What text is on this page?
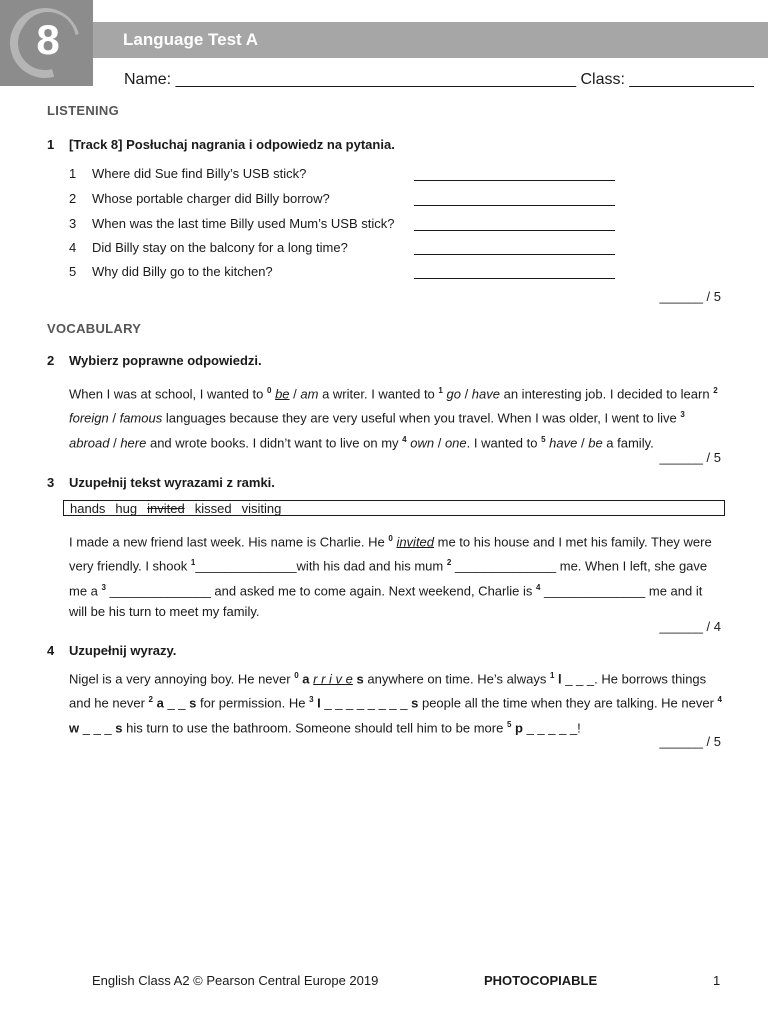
8	Language Test A
Name: _____________________________________________ Class: ______________
LISTENING
1 [Track 8] Posłuchaj nagrania i odpowiedz na pytania.
1 Where did Sue find Billy’s USB stick?
2 Whose portable charger did Billy borrow?
3 When was the last time Billy used Mum’s USB stick?
4 Did Billy stay on the balcony for a long time?
5 Why did Billy go to the kitchen?
______ / 5
VOCABULARY
2 Wybierz poprawne odpowiedzi.
When I was at school, I wanted to $^0$ be / am a writer. I wanted to $^1$ go / have an interesting job. I decided to learn $^2$ foreign / famous languages because they are very useful when you travel. When I was older, I went to live $^3$ abroad / here and wrote books. I didn’t want to live on my $^4$ own / one. I wanted to $^5$ have / be a family.
______ / 5
3 Uzupełnij tekst wyrazami z ramki.
hands hug invited kissed visiting
I made a new friend last week. His name is Charlie. He $^0$ invited me to his house and I met his family. They were very friendly. I shook $^1$______________with his dad and his mum $^2$ ______________ me. When I left, she gave me a $^3$ ______________ and asked me to come again. Next weekend, Charlie is $^4$ ______________ me and it will be his turn to meet my family.
______ / 4
4 Uzupełnij wyrazy.
Nigel is a very annoying boy. He never $^0$ a r r i v e s anywhere on time. He’s always $^1$ l _ _ _. He borrows things and he never $^2$ a _ _ s for permission. He $^3$ I _ _ _ _ _ _ _ _ s people all the time when they are talking. He never $^4$ w _ _ _ s his turn to use the bathroom. Someone should tell him to be more $^5$ p _ _ _ _ _!
______ / 5
English Class A2 © Pearson Central Europe 2019	PHOTOCOPIABLE	1
